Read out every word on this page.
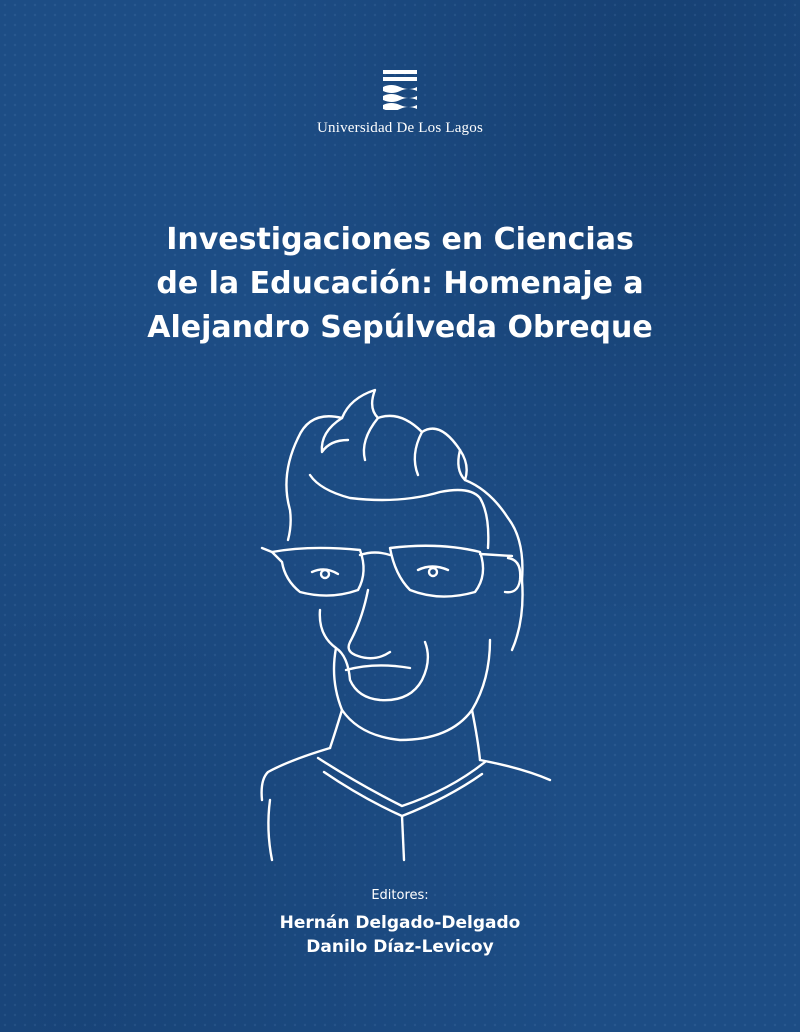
Universidad De Los Lagos
Investigaciones en Ciencias
de la Educación: Homenaje a
Alejandro Sepúlveda Obreque
Editores:
Hernán Delgado-Delgado
Danilo Díaz-Levicoy
